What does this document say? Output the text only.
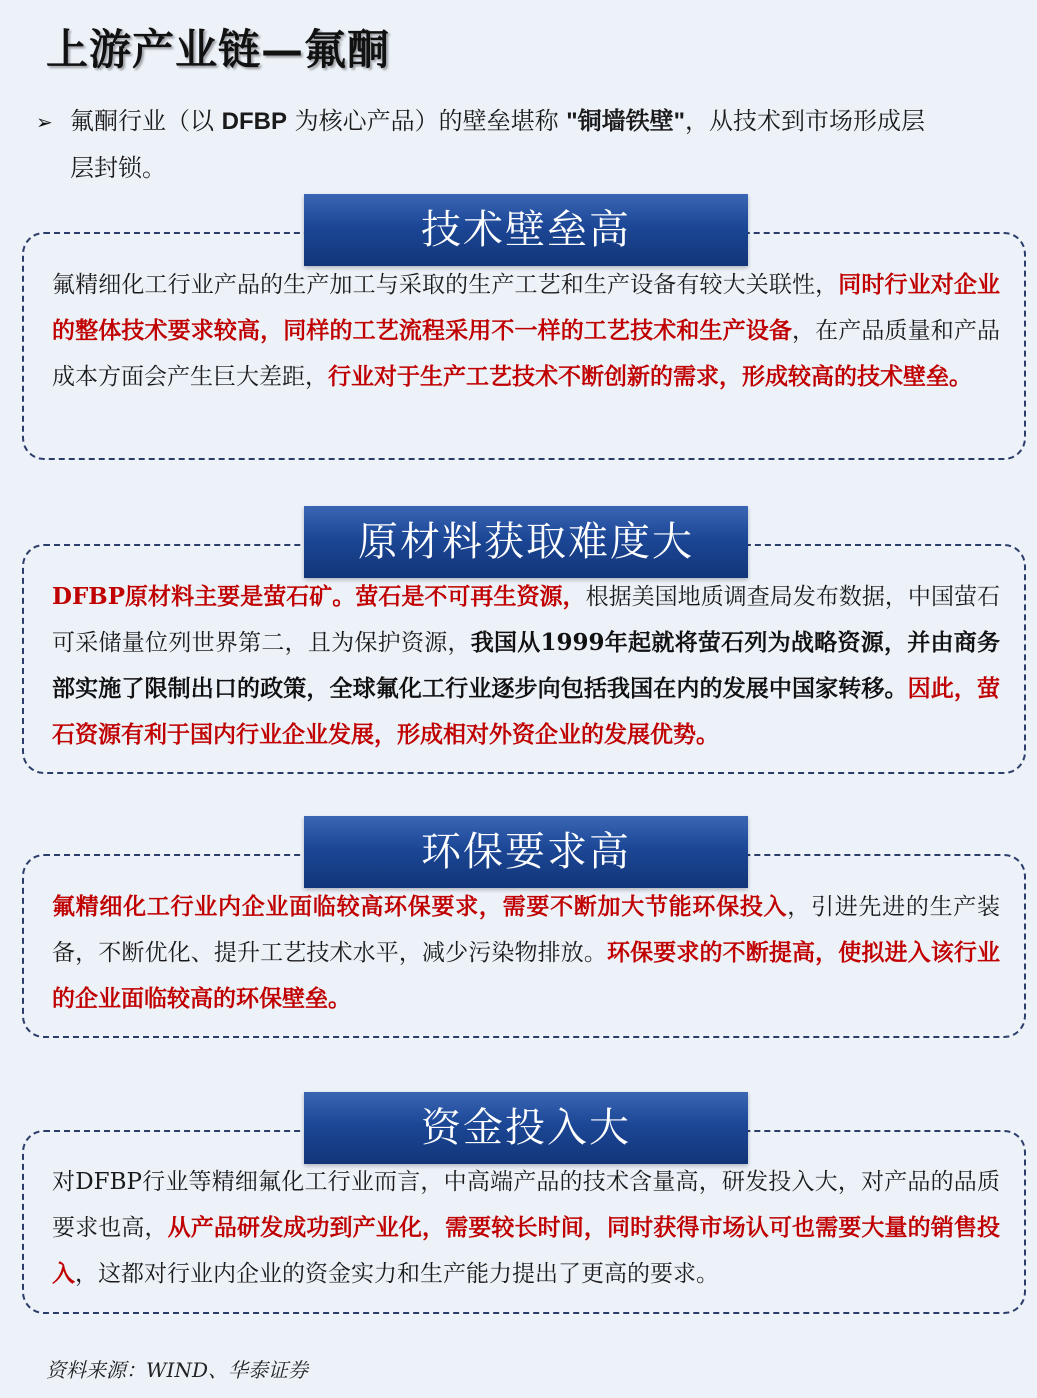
上游产业链—氟酮
➢ 氟酮行业（以 DFBP 为核心产品）的壁垒堪称 "铜墙铁壁"，从技术到市场形成层
层封锁。
技术壁垒高
氟精细化工行业产品的生产加工与采取的生产工艺和生产设备有较大关联性，同时行业对企业的整体技术要求较高，同样的工艺流程采用不一样的工艺技术和生产设备，在产品质量和产品成本方面会产生巨大差距，行业对于生产工艺技术不断创新的需求，形成较高的技术壁垒。
原材料获取难度大
DFBP原材料主要是萤石矿。萤石是不可再生资源，根据美国地质调查局发布数据，中国萤石可采储量位列世界第二，且为保护资源，我国从1999年起就将萤石列为战略资源，并由商务部实施了限制出口的政策，全球氟化工行业逐步向包括我国在内的发展中国家转移。因此，萤石资源有利于国内行业企业发展，形成相对外资企业的发展优势。
环保要求高
氟精细化工行业内企业面临较高环保要求，需要不断加大节能环保投入，引进先进的生产装备，不断优化、提升工艺技术水平，减少污染物排放。环保要求的不断提高，使拟进入该行业的企业面临较高的环保壁垒。
资金投入大
对DFBP行业等精细氟化工行业而言，中高端产品的技术含量高，研发投入大，对产品的品质要求也高，从产品研发成功到产业化，需要较长时间，同时获得市场认可也需要大量的销售投入，这都对行业内企业的资金实力和生产能力提出了更高的要求。
资料来源：WIND、华泰证券
